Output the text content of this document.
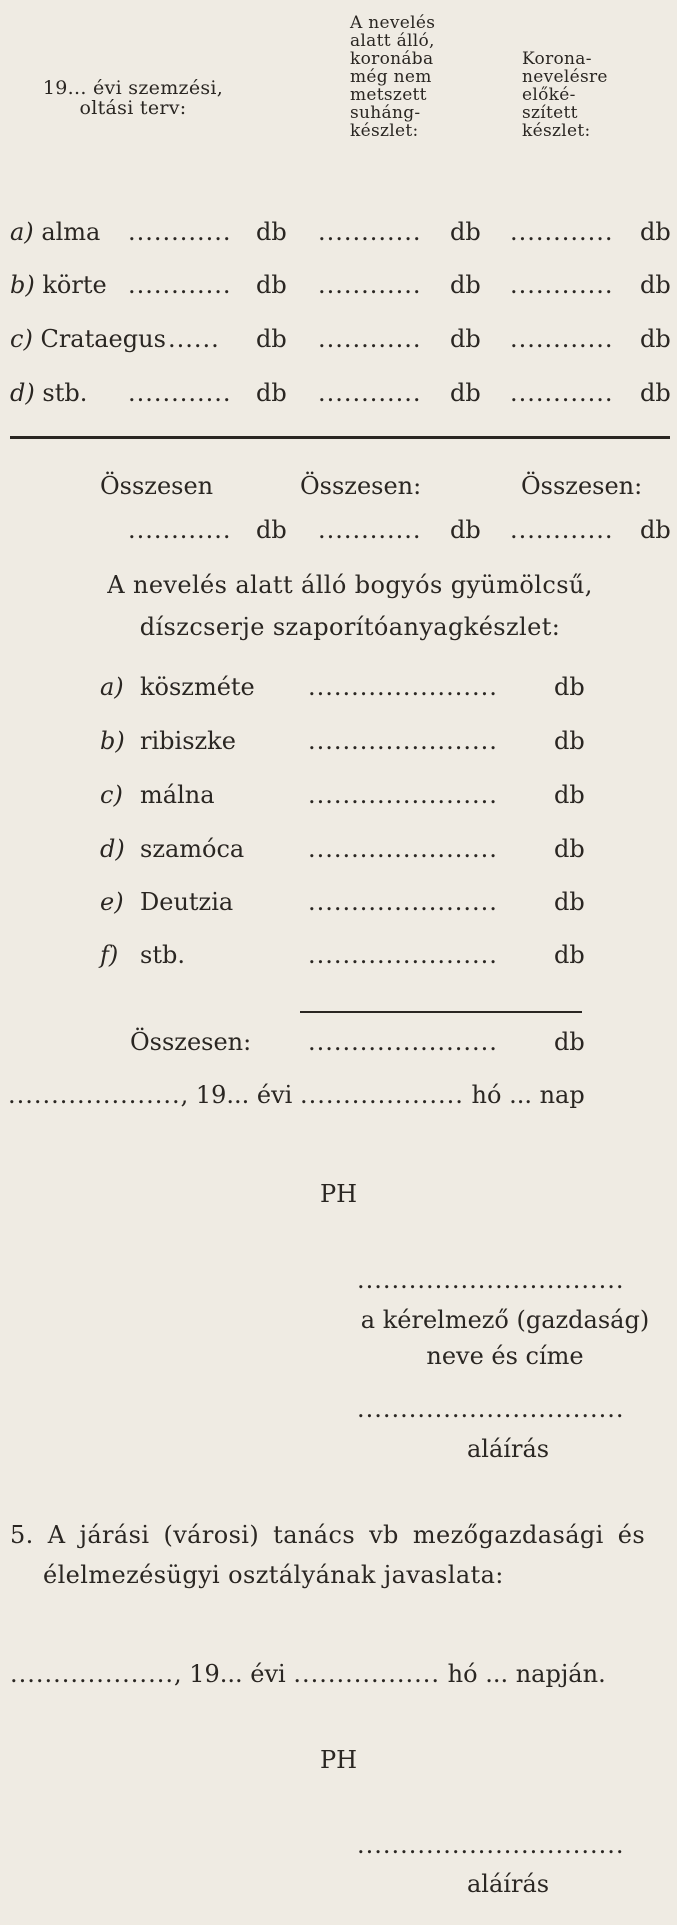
19... évi szemzési,
oltási terv:
A nevelés
alatt álló,
koronába
még nem
metszett
suháng-
készlet:
Korona-
nevelésre
előké-
szített
készlet:
a) alma ............ db ............ db ............ db
b) körte ............ db ............ db ............ db
c) Crataegus ...... db ............ db ............ db
d) stb. ............ db ............ db ............ db
Összesen	Összesen:	Összesen:
............ db ............ db ............ db
A nevelés alatt álló bogyós gyümölcsű,
díszcserje szaporítóanyagkészlet:
a) köszméte ...................... db
b) ribiszke	...................... db
c) málna	...................... db
d) szamóca	...................... db
e) Deutzia	...................... db
f) stb.	...................... db
Összesen: ...................... db
...................., 19... évi ................... hó ... nap
PH
...............................
a kérelmező (gazdaság)
neve és címe
...............................
aláírás
5. A járási (városi) tanács vb mezőgazdasági és
élelmezésügyi osztályának javaslata:
..................., 19... évi ................. hó ... napján.
PH
...............................
aláírás
